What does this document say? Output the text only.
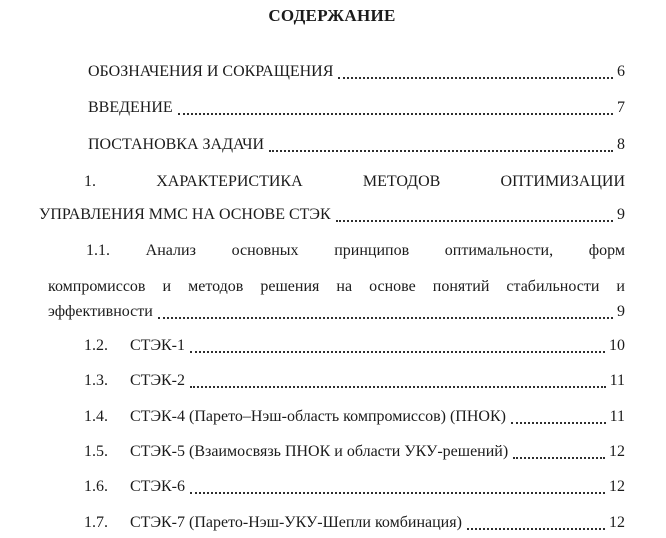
СОДЕРЖАНИЕ
ОБОЗНАЧЕНИЯ И СОКРАЩЕНИЯ	6
ВВЕДЕНИЕ	7
ПОСТАНОВКА ЗАДАЧИ	8
1. ХАРАКТЕРИСТИКА МЕТОДОВ ОПТИМИЗАЦИИ
УПРАВЛЕНИЯ ММС НА ОСНОВЕ СТЭК	9
1.1. Анализ основных принципов оптимальности, форм
компромиссов и методов решения на основе понятий стабильности и
эффективности	9
1.2.	СТЭК-1	10
1.3.	СТЭК-2	11
1.4.	СТЭК-4 (Парето–Нэш-область компромиссов) (ПНОК)	11
1.5.	СТЭК-5 (Взаимосвязь ПНОК и области УКУ-решений)	12
1.6.	СТЭК-6	12
1.7.	СТЭК-7 (Парето-Нэш-УКУ-Шепли комбинация)	12
